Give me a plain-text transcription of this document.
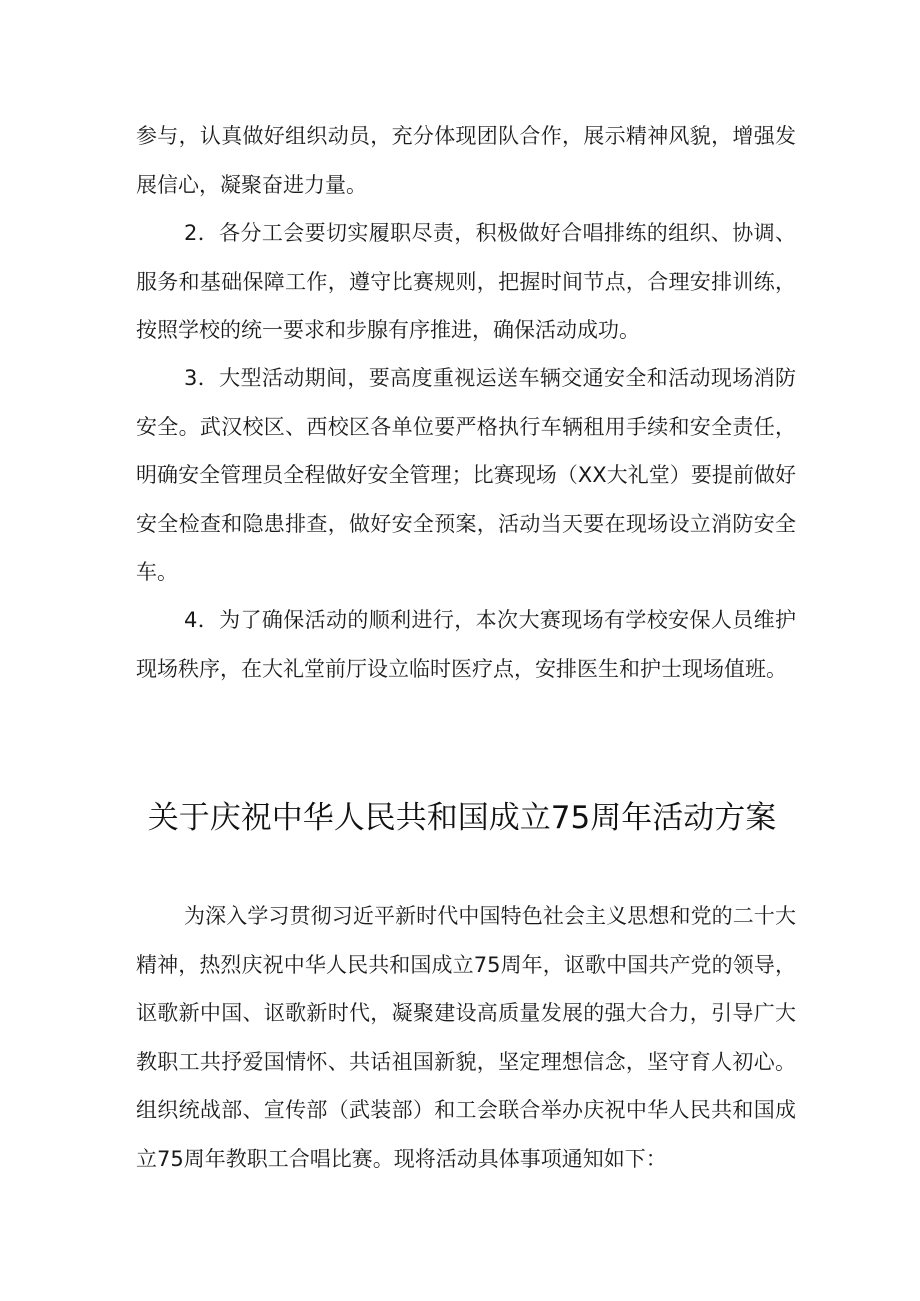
参与，认真做好组织动员，充分体现团队合作，展示精神风貌，增强发展信心，凝聚奋进力量。

2．各分工会要切实履职尽责，积极做好合唱排练的组织、协调、服务和基础保障工作，遵守比赛规则，把握时间节点，合理安排训练，按照学校的统一要求和步腺有序推进，确保活动成功。

3．大型活动期间，要高度重视运送车辆交通安全和活动现场消防安全。武汉校区、西校区各单位要严格执行车辆租用手续和安全责任，明确安全管理员全程做好安全管理；比赛现场（XX大礼堂）要提前做好安全检查和隐患排查，做好安全预案，活动当天要在现场设立消防安全车。

4．为了确保活动的顺利进行，本次大赛现场有学校安保人员维护现场秩序，在大礼堂前厅设立临时医疗点，安排医生和护士现场值班。

关于庆祝中华人民共和国成立75周年活动方案

为深入学习贯彻习近平新时代中国特色社会主义思想和党的二十大精神，热烈庆祝中华人民共和国成立75周年，讴歌中国共产党的领导，讴歌新中国、讴歌新时代，凝聚建设高质量发展的强大合力，引导广大教职工共抒爱国情怀、共话祖国新貌，坚定理想信念，坚守育人初心。组织统战部、宣传部（武装部）和工会联合举办庆祝中华人民共和国成立75周年教职工合唱比赛。现将活动具体事项通知如下：
